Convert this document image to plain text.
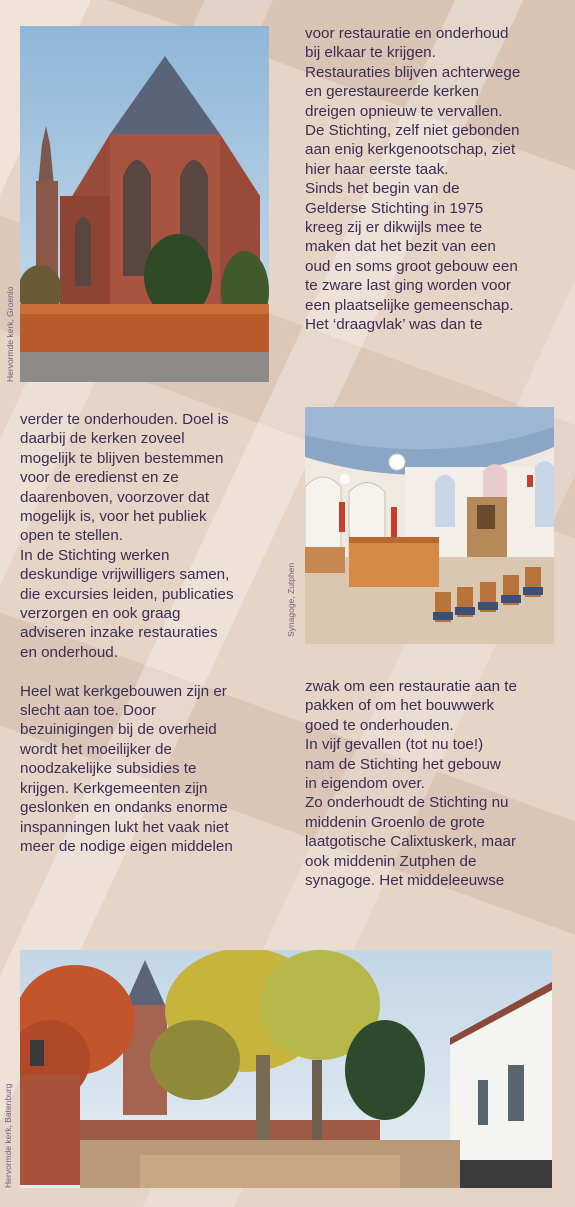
Hervormde kerk, Groenlo

voor restauratie en onderhoud

bij elkaar te krijgen.

Restauraties blijven achterwege

en gerestaureerde kerken

dreigen opnieuw te vervallen.

De Stichting, zelf niet gebonden

aan enig kerkgenootschap, ziet

hier haar eerste taak.

Sinds het begin van de

Gelderse Stichting in 1975

kreeg zij er dikwijls mee te

maken dat het bezit van een

oud en soms groot gebouw een

te zware last ging worden voor

een plaatselijke gemeenschap.

Het ‘draagvlak’ was dan te

verder te onderhouden. Doel is

daarbij de kerken zoveel

mogelijk te blijven bestemmen

voor de eredienst en ze

daarenboven, voorzover dat

mogelijk is, voor het publiek

open te stellen.

In de Stichting werken

deskundige vrijwilligers samen,

die excursies leiden, publicaties

verzorgen en ook graag

adviseren inzake restauraties

en onderhoud.

Heel wat kerkgebouwen zijn er

slecht aan toe. Door

bezuinigingen bij de overheid

wordt het moeilijker de

noodzakelijke subsidies te

krijgen. Kerkgemeenten zijn

geslonken en ondanks enorme

inspanningen lukt het vaak niet

meer de nodige eigen middelen

Synagoge, Zutphen

zwak om een restauratie aan te

pakken of om het bouwwerk

goed te onderhouden.

In vijf gevallen (tot nu toe!)

nam de Stichting het gebouw

in eigendom over.

Zo onderhoudt de Stichting nu

middenin Groenlo de grote

laatgotische Calixtuskerk, maar

ook middenin Zutphen de

synagoge. Het middeleeuwse

Hervormde kerk, Batenburg
